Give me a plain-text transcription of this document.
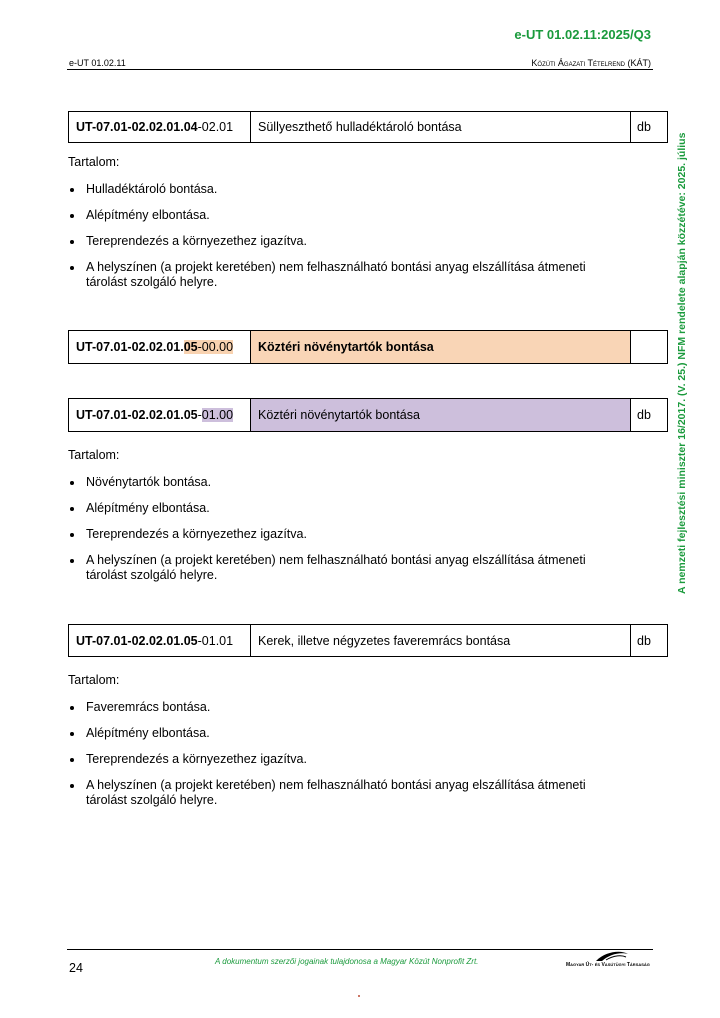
e-UT 01.02.11:2025/Q3
e-UT 01.02.11	Közúti Ágazati Tételrend (KÁT)
UT-07.01-02.02.01.04 -02.01	Süllyeszthető hulladéktároló bontása	db
Tartalom:
Hulladéktároló bontása.
Alépítmény elbontása.
Tereprendezés a környezethez igazítva.
A helyszínen (a projekt keretében) nem felhasználható bontási anyag elszállítása átmeneti tárolást szolgáló helyre.
UT-07.01-02.02.01. 05 -00.00	Köztéri növénytartók bontása
UT-07.01-02.02.01.05 - 01.00	Köztéri növénytartók bontása	db
Tartalom:
Növénytartók bontása.
Alépítmény elbontása.
Tereprendezés a környezethez igazítva.
A helyszínen (a projekt keretében) nem felhasználható bontási anyag elszállítása átmeneti tárolást szolgáló helyre.
UT-07.01-02.02.01.05 -01.01	Kerek, illetve négyzetes faveremrács bontása	db
Tartalom:
Faveremrács bontása.
Alépítmény elbontása.
Tereprendezés a környezethez igazítva.
A helyszínen (a projekt keretében) nem felhasználható bontási anyag elszállítása átmeneti tárolást szolgáló helyre.
A nemzeti fejlesztési miniszter 16/2017. (V. 25.) NFM rendelete alapján közzétéve: 2025. július
24	A dokumentum szerzői jogainak tulajdonosa a Magyar Közút Nonprofit Zrt.	Magyar Út- és Vasútügyi Társaság
